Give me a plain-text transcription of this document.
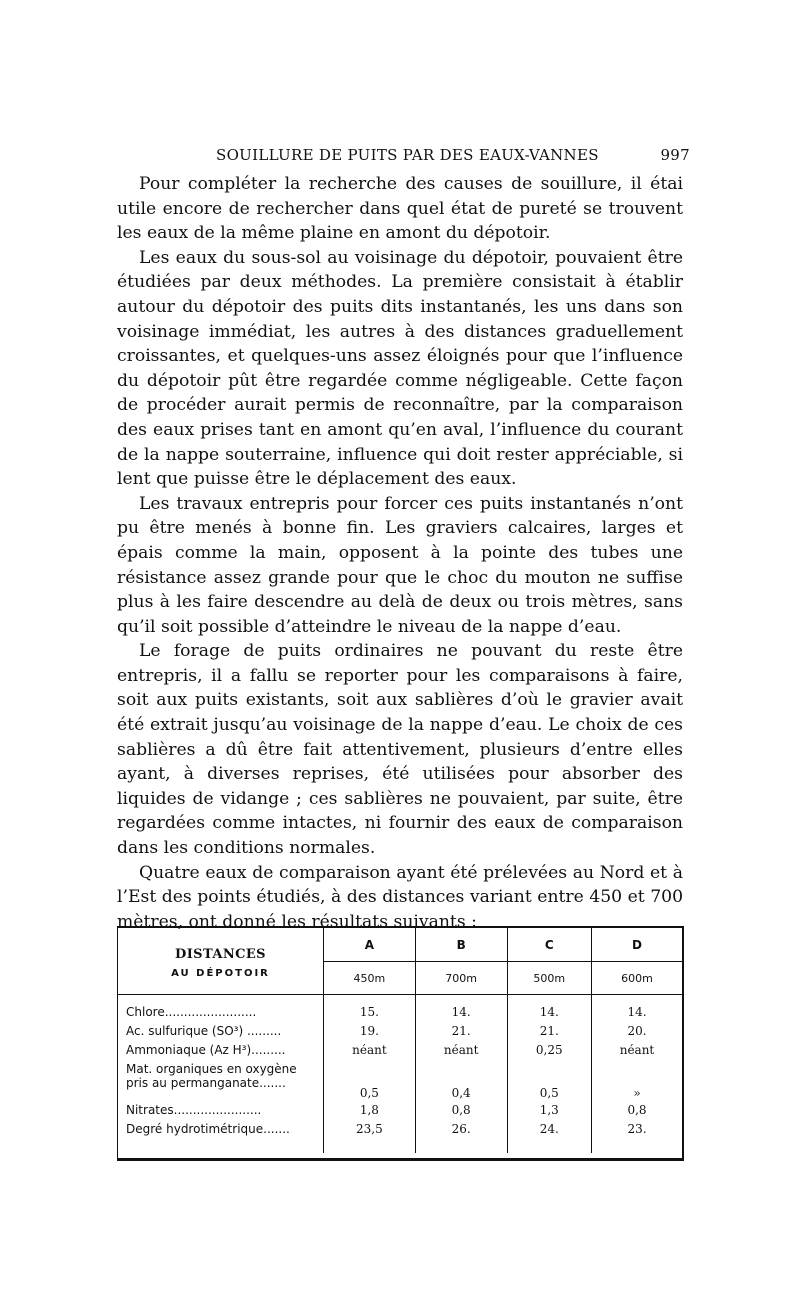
SOUILLURE DE PUITS PAR DES EAUX-VANNES	997

Pour compléter la recherche des causes de souillure, il étai utile encore de rechercher dans quel état de pureté se trouvent les eaux de la même plaine en amont du dépotoir.

Les eaux du sous-sol au voisinage du dépotoir, pouvaient être étudiées par deux méthodes. La première consistait à établir autour du dépotoir des puits dits instantanés, les uns dans son voisinage immédiat, les autres à des distances graduellement croissantes, et quelques-uns assez éloignés pour que l’influence du dépotoir pût être regardée comme négligeable. Cette façon de procéder aurait permis de reconnaître, par la comparaison des eaux prises tant en amont qu’en aval, l’influence du courant de la nappe souterraine, influence qui doit rester appréciable, si lent que puisse être le déplacement des eaux.

Les travaux entrepris pour forcer ces puits instantanés n’ont pu être menés à bonne fin. Les graviers calcaires, larges et épais comme la main, opposent à la pointe des tubes une résistance assez grande pour que le choc du mouton ne suffise plus à les faire descendre au delà de deux ou trois mètres, sans qu’il soit possible d’atteindre le niveau de la nappe d’eau.

Le forage de puits ordinaires ne pouvant du reste être entrepris, il a fallu se reporter pour les comparaisons à faire, soit aux puits existants, soit aux sablières d’où le gravier avait été extrait jusqu’au voisinage de la nappe d’eau. Le choix de ces sablières a dû être fait attentivement, plusieurs d’entre elles ayant, à diverses reprises, été utilisées pour absorber des liquides de vidange ; ces sablières ne pouvaient, par suite, être regardées comme intactes, ni fournir des eaux de comparaison dans les conditions normales.

Quatre eaux de comparaison ayant été prélevées au Nord et à l’Est des points étudiés, à des distances variant entre 450 et 700 mètres, ont donné les résultats suivants :

DISTANCES
AU DÉPOTOIR	A	B	C	D
	450m	700m	500m	600m

Chlore........................	15.	14.	14.	14.
Ac. sulfurique (SO³) .........	19.	21.	21.	20.
Ammoniaque (Az H³).........	néant	néant	0,25	néant
Mat. organiques en oxygène
pris au permanganate.......	0,5	0,4	0,5	»
Nitrates.......................	1,8	0,8	1,3	0,8
Degré hydrotimétrique.......	23,5	26.	24.	23.
